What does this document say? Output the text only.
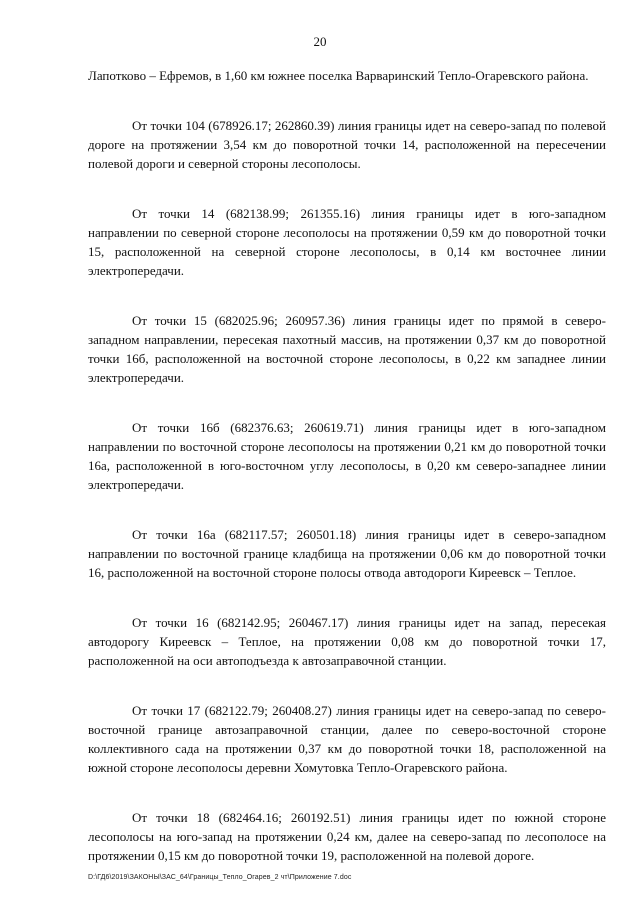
20

Лапотково – Ефремов, в 1,60 км южнее поселка Варваринский Тепло-Огаревского района.

От точки 104 (678926.17; 262860.39) линия границы идет на северо-запад по полевой дороге на протяжении 3,54 км до поворотной точки 14, расположенной на пересечении полевой дороги и северной стороны лесополосы.

От точки 14 (682138.99; 261355.16) линия границы идет в юго-западном направлении по северной стороне лесополосы на протяжении 0,59 км до поворотной точки 15, расположенной на северной стороне лесополосы, в 0,14 км восточнее линии электропередачи.

От точки 15 (682025.96; 260957.36) линия границы идет по прямой в северо-западном направлении, пересекая пахотный массив, на протяжении 0,37 км до поворотной точки 16б, расположенной на восточной стороне лесополосы, в 0,22 км западнее линии электропередачи.

От точки 16б (682376.63; 260619.71) линия границы идет в юго-западном направлении по восточной стороне лесополосы на протяжении 0,21 км до поворотной точки 16а, расположенной в юго-восточном углу лесополосы, в 0,20 км северо-западнее линии электропередачи.

От точки 16а (682117.57; 260501.18) линия границы идет в северо-западном направлении по восточной границе кладбища на протяжении 0,06 км до поворотной точки 16, расположенной на восточной стороне полосы отвода автодороги Киреевск – Теплое.

От точки 16 (682142.95; 260467.17) линия границы идет на запад, пересекая автодорогу Киреевск – Теплое, на протяжении 0,08 км до поворотной точки 17, расположенной на оси автоподъезда к автозаправочной станции.

От точки 17 (682122.79; 260408.27) линия границы идет на северо-запад по северо-восточной границе автозаправочной станции, далее по северо-восточной стороне коллективного сада на протяжении 0,37 км до поворотной точки 18, расположенной на южной стороне лесополосы деревни Хомутовка Тепло-Огаревского района.

От точки 18 (682464.16; 260192.51) линия границы идет по южной стороне лесополосы на юго-запад на протяжении 0,24 км, далее на северо-запад по лесополосе на протяжении 0,15 км до поворотной точки 19, расположенной на полевой дороге.

D:\ГД6\2019\ЗАКОНЫ\ЗАС_64\Границы_Тепло_Огарев_2 чт\Приложение 7.doc
